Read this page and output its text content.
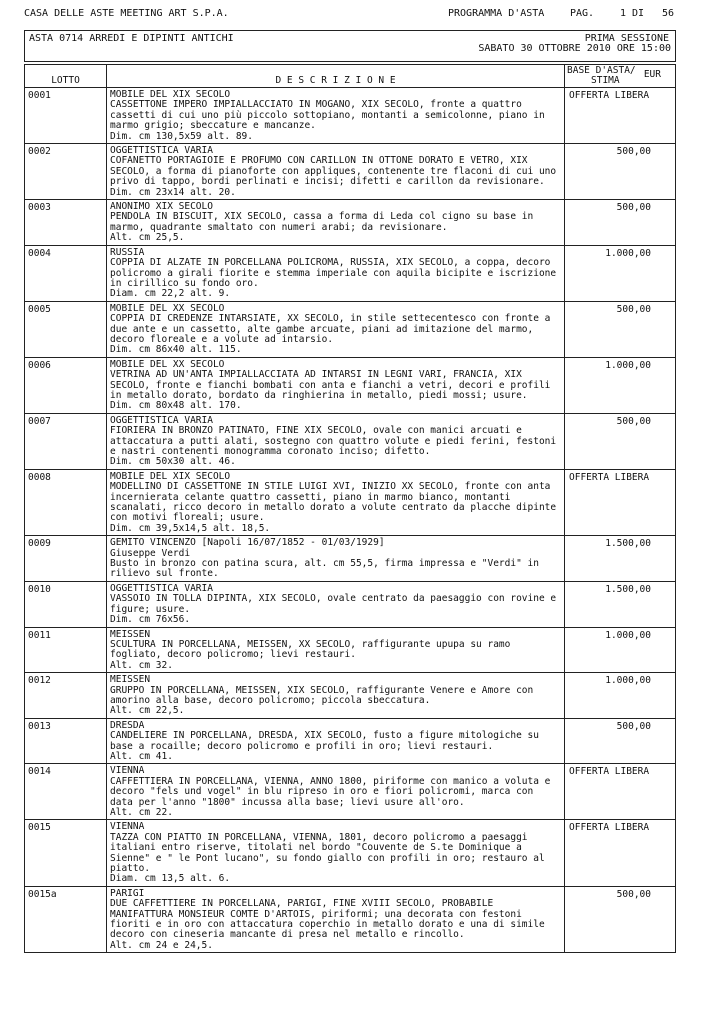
CASA DELLE ASTE MEETING ART S.P.A.	PROGRAMMA D'ASTA	PAG.	1 DI 56
ASTA 0714 ARREDI E DIPINTI ANTICHI	PRIMA SESSIONE
SABATO 30 OTTOBRE 2010 ORE 15:00
LOTTO	D E S C R I Z I O N E	BASE D'ASTA/ EUR
STIMA

0001	MOBILE DEL XIX SECOLO
CASSETTONE IMPERO IMPIALLACCIATO IN MOGANO, XIX SECOLO, fronte a quattro cassetti di cui uno più piccolo sottopiano, montanti a semicolonne, piano in marmo grigio; sbeccature e mancanze.
Dim. cm 130,5x59 alt. 89.	OFFERTA LIBERA
0002	OGGETTISTICA VARIA
COFANETTO PORTAGIOIE E PROFUMO CON CARILLON IN OTTONE DORATO E VETRO, XIX SECOLO, a forma di pianoforte con appliques, contenente tre flaconi di cui uno privo di tappo, bordi perlinati e incisi; difetti e carillon da revisionare.
Dim. cm 23x14 alt. 20.	500,00
0003	ANONIMO XIX SECOLO
PENDOLA IN BISCUIT, XIX SECOLO, cassa a forma di Leda col cigno su base in marmo, quadrante smaltato con numeri arabi; da revisionare.
Alt. cm 25,5.	500,00
0004	RUSSIA
COPPIA DI ALZATE IN PORCELLANA POLICROMA, RUSSIA, XIX SECOLO, a coppa, decoro policromo a girali fiorite e stemma imperiale con aquila bicipite e iscrizione in cirillico su fondo oro.
Diam. cm 22,2 alt. 9.	1.000,00
0005	MOBILE DEL XX SECOLO
COPPIA DI CREDENZE INTARSIATE, XX SECOLO, in stile settecentesco con fronte a due ante e un cassetto, alte gambe arcuate, piani ad imitazione del marmo, decoro floreale e a volute ad intarsio.
Dim. cm 86x40 alt. 115.	500,00
0006	MOBILE DEL XX SECOLO
VETRINA AD UN'ANTA IMPIALLACCIATA AD INTARSI IN LEGNI VARI, FRANCIA, XIX SECOLO, fronte e fianchi bombati con anta e fianchi a vetri, decori e profili in metallo dorato, bordato da ringhierina in metallo, piedi mossi; usure.
Dim. cm 80x48 alt. 170.	1.000,00
0007	OGGETTISTICA VARIA
FIORIERA IN BRONZO PATINATO, FINE XIX SECOLO, ovale con manici arcuati e attaccatura a putti alati, sostegno con quattro volute e piedi ferini, festoni e nastri contenenti monogramma coronato inciso; difetto.
Dim. cm 50x30 alt. 46.	500,00
0008	MOBILE DEL XIX SECOLO
MODELLINO DI CASSETTONE IN STILE LUIGI XVI, INIZIO XX SECOLO, fronte con anta incernierata celante quattro cassetti, piano in marmo bianco, montanti scanalati, ricco decoro in metallo dorato a volute centrato da placche dipinte con motivi floreali; usure.
Dim. cm 39,5x14,5 alt. 18,5.	OFFERTA LIBERA
0009	GEMITO VINCENZO [Napoli 16/07/1852 - 01/03/1929]
Giuseppe Verdi
Busto in bronzo con patina scura, alt. cm 55,5, firma impressa e "Verdi" in rilievo sul fronte.	1.500,00
0010	OGGETTISTICA VARIA
VASSOIO IN TOLLA DIPINTA, XIX SECOLO, ovale centrato da paesaggio con rovine e figure; usure.
Dim. cm 76x56.	1.500,00
0011	MEISSEN
SCULTURA IN PORCELLANA, MEISSEN, XX SECOLO, raffigurante upupa su ramo fogliato, decoro policromo; lievi restauri.
Alt. cm 32.	1.000,00
0012	MEISSEN
GRUPPO IN PORCELLANA, MEISSEN, XIX SECOLO, raffigurante Venere e Amore con amorino alla base, decoro policromo; piccola sbeccatura.
Alt. cm 22,5.	1.000,00
0013	DRESDA
CANDELIERE IN PORCELLANA, DRESDA, XIX SECOLO, fusto a figure mitologiche su base a rocaille; decoro policromo e profili in oro; lievi restauri.
Alt. cm 41.	500,00
0014	VIENNA
CAFFETTIERA IN PORCELLANA, VIENNA, ANNO 1800, piriforme con manico a voluta e decoro "fels und vogel" in blu ripreso in oro e fiori policromi, marca con data per l'anno "1800" incussa alla base; lievi usure all'oro.
Alt. cm 22.	OFFERTA LIBERA
0015	VIENNA
TAZZA CON PIATTO IN PORCELLANA, VIENNA, 1801, decoro policromo a paesaggi italiani entro riserve, titolati nel bordo "Couvente de S.te Dominique a Sienne" e " le Pont lucano", su fondo giallo con profili in oro; restauro al piatto.
Diam. cm 13,5 alt. 6.	OFFERTA LIBERA
0015a	PARIGI
DUE CAFFETTIERE IN PORCELLANA, PARIGI, FINE XVIII SECOLO, PROBABILE MANIFATTURA MONSIEUR COMTE D'ARTOIS, piriformi; una decorata con festoni fioriti e in oro con attaccatura coperchio in metallo dorato e una di simile decoro con cineseria mancante di presa nel metallo e rincollo.
Alt. cm 24 e 24,5.	500,00
